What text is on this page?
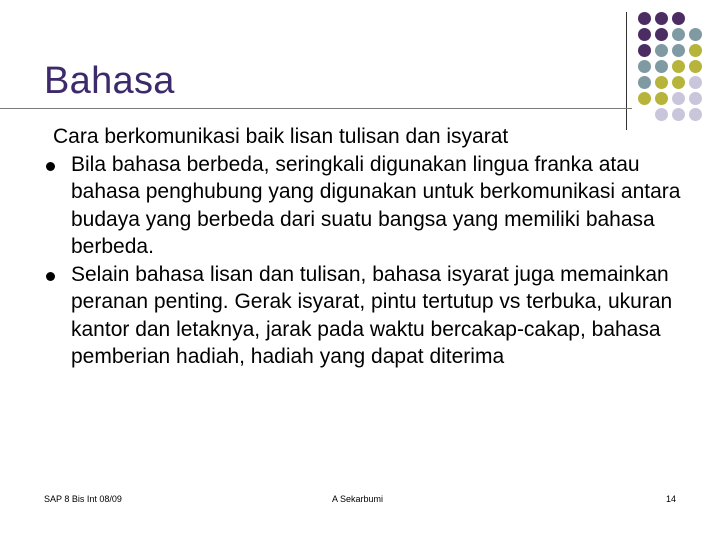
Bahasa
Cara berkomunikasi baik lisan tulisan dan isyarat
Bila bahasa berbeda, seringkali digunakan lingua franka atau bahasa penghubung yang digunakan untuk berkomunikasi antara budaya yang berbeda dari suatu bangsa yang memiliki bahasa berbeda.
Selain bahasa lisan dan tulisan, bahasa isyarat juga memainkan peranan penting. Gerak isyarat, pintu tertutup vs terbuka, ukuran kantor dan letaknya, jarak pada waktu bercakap-cakap, bahasa pemberian hadiah, hadiah yang dapat diterima
SAP 8 Bis Int 08/09	A Sekarbumi	14
